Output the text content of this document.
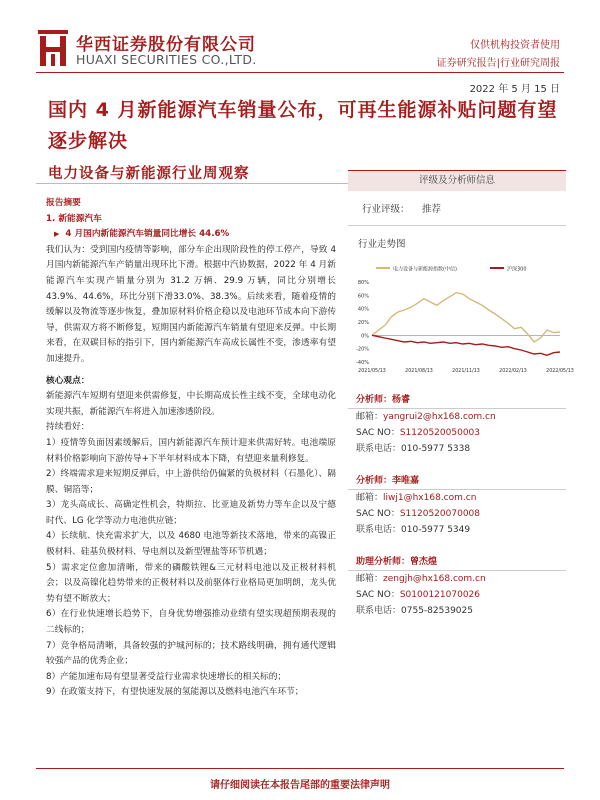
华西证券股份有限公司
HUAXI SECURITIES CO.,LTD.
仅供机构投资者使用
证券研究报告|行业研究周报
2022 年 5 月 15 日
国内 4 月新能源汽车销量公布，可再生能源补贴问题有望逐步解决
电力设备与新能源行业周观察

报告摘要

1. 新能源汽车

▶ 4 月国内新能源汽车销量同比增长 44.6%

我们认为：受到国内疫情等影响，部分车企出现阶段性的停工停产，导致 4 月国内新能源汽车产销量出现环比下滑。根据中汽协数据，2022 年 4 月新能源汽车实现产销量分别为 31.2 万辆、29.9 万辆，同比分别增长 43.9%、44.6%，环比分别下滑33.0%、38.3%。后续来看，随着疫情的缓解以及物流等逐步恢复，叠加原材料价格企稳以及电池环节成本向下游传导，供需双方将不断修复，短期国内新能源汽车销量有望迎来反弹。中长期来看，在双碳目标的指引下，国内新能源汽车高成长属性不变，渗透率有望加速提升。

核心观点：

新能源汽车短期有望迎来供需修复，中长期高成长性主线不变，全球电动化实现共振，新能源汽车将进入加速渗透阶段。

持续看好：

1）疫情等负面因素缓解后，国内新能源汽车预计迎来供需好转。电池端原材料价格影响向下游传导+下半年材料成本下降，有望迎来量利修复。

2）终端需求迎来短期反弹后，中上游供给仍偏紧的负极材料（石墨化）、隔膜、铜箔等；

3）龙头高成长、高确定性机会，特斯拉、比亚迪及新势力等车企以及宁德时代、LG 化学等动力电池供应链；

4）长续航、快充需求扩大，以及 4680 电池等新技术落地，带来的高镍正极材料、硅基负极材料、导电剂以及新型锂盐等环节机遇；

5）需求定位愈加清晰，带来的磷酸铁锂&三元材料电池以及正极材料机会；以及高镍化趋势带来的正极材料以及前驱体行业格局更加明朗，龙头优势有望不断放大；

6）在行业快速增长趋势下，自身优势增强推动业绩有望实现超预期表现的二线标的；

7）竞争格局清晰，具备较强的护城河标的；技术路线明确，拥有通代逻辑较强产品的优秀企业；

8）产能加速布局有望显著受益行业需求快速增长的相关标的；

9）在政策支持下，有望快速发展的氢能源以及燃料电池汽车环节；

评级及分析师信息
行业评级：	推荐
行业走势图
电力设备与新能源指数(中信)	沪深300
80%
60%
40%
20%
0%
-20%
-40%
2021/05/13	2021/08/13	2021/11/13	2022/02/13	2022/05/13
分析师：杨睿
邮箱：yangrui2@hx168.com.cn
SAC NO：S1120520050003
联系电话：010-5977 5338
分析师：李唯嘉
邮箱：liwj1@hx168.com.cn
SAC NO：S1120520070008
联系电话：010-5977 5349
助理分析师：曾杰煌
邮箱：zengjh@hx168.com.cn
SAC NO：S0100121070026
联系电话：0755-82539025
请仔细阅读在本报告尾部的重要法律声明
